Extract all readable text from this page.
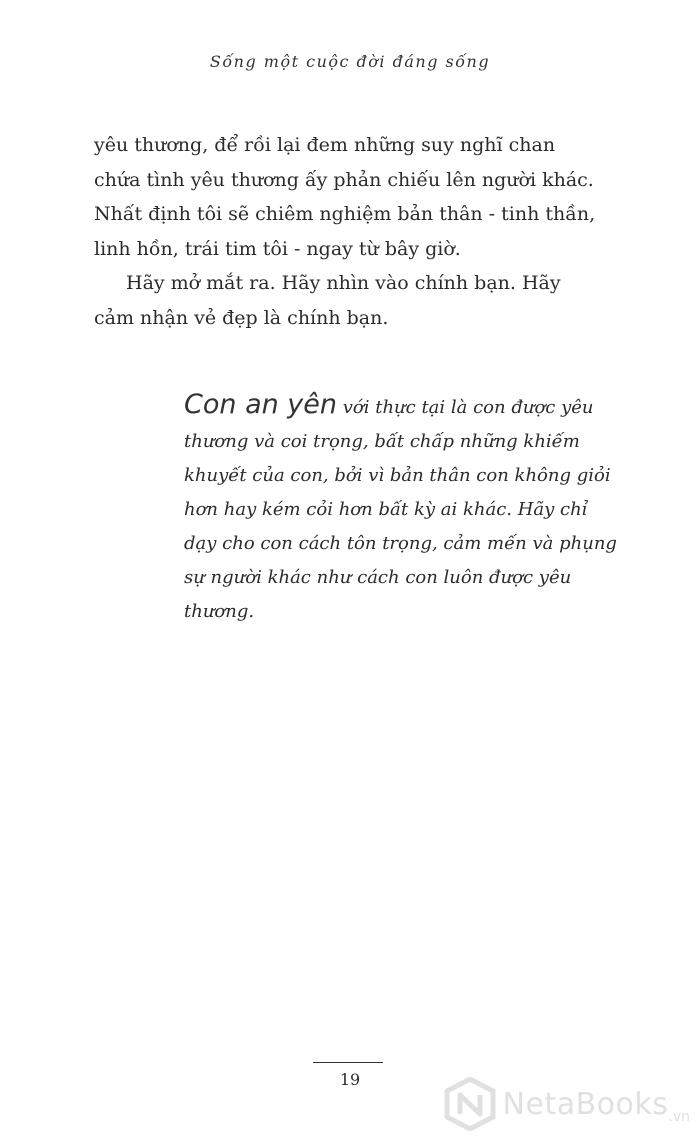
Sống một cuộc đời đáng sống

yêu thương, để rồi lại đem những suy nghĩ chan
chứa tình yêu thương ấy phản chiếu lên người khác.
Nhất định tôi sẽ chiêm nghiệm bản thân - tinh thần,
linh hồn, trái tim tôi - ngay từ bây giờ.

Hãy mở mắt ra. Hãy nhìn vào chính bạn. Hãy
cảm nhận vẻ đẹp là chính bạn.

Con an yên với thực tại là con được yêu
thương và coi trọng, bất chấp những khiếm
khuyết của con, bởi vì bản thân con không giỏi
hơn hay kém cỏi hơn bất kỳ ai khác. Hãy chỉ
dạy cho con cách tôn trọng, cảm mến và phụng
sự người khác như cách con luôn được yêu
thương.
19
NetaBooks .vn
